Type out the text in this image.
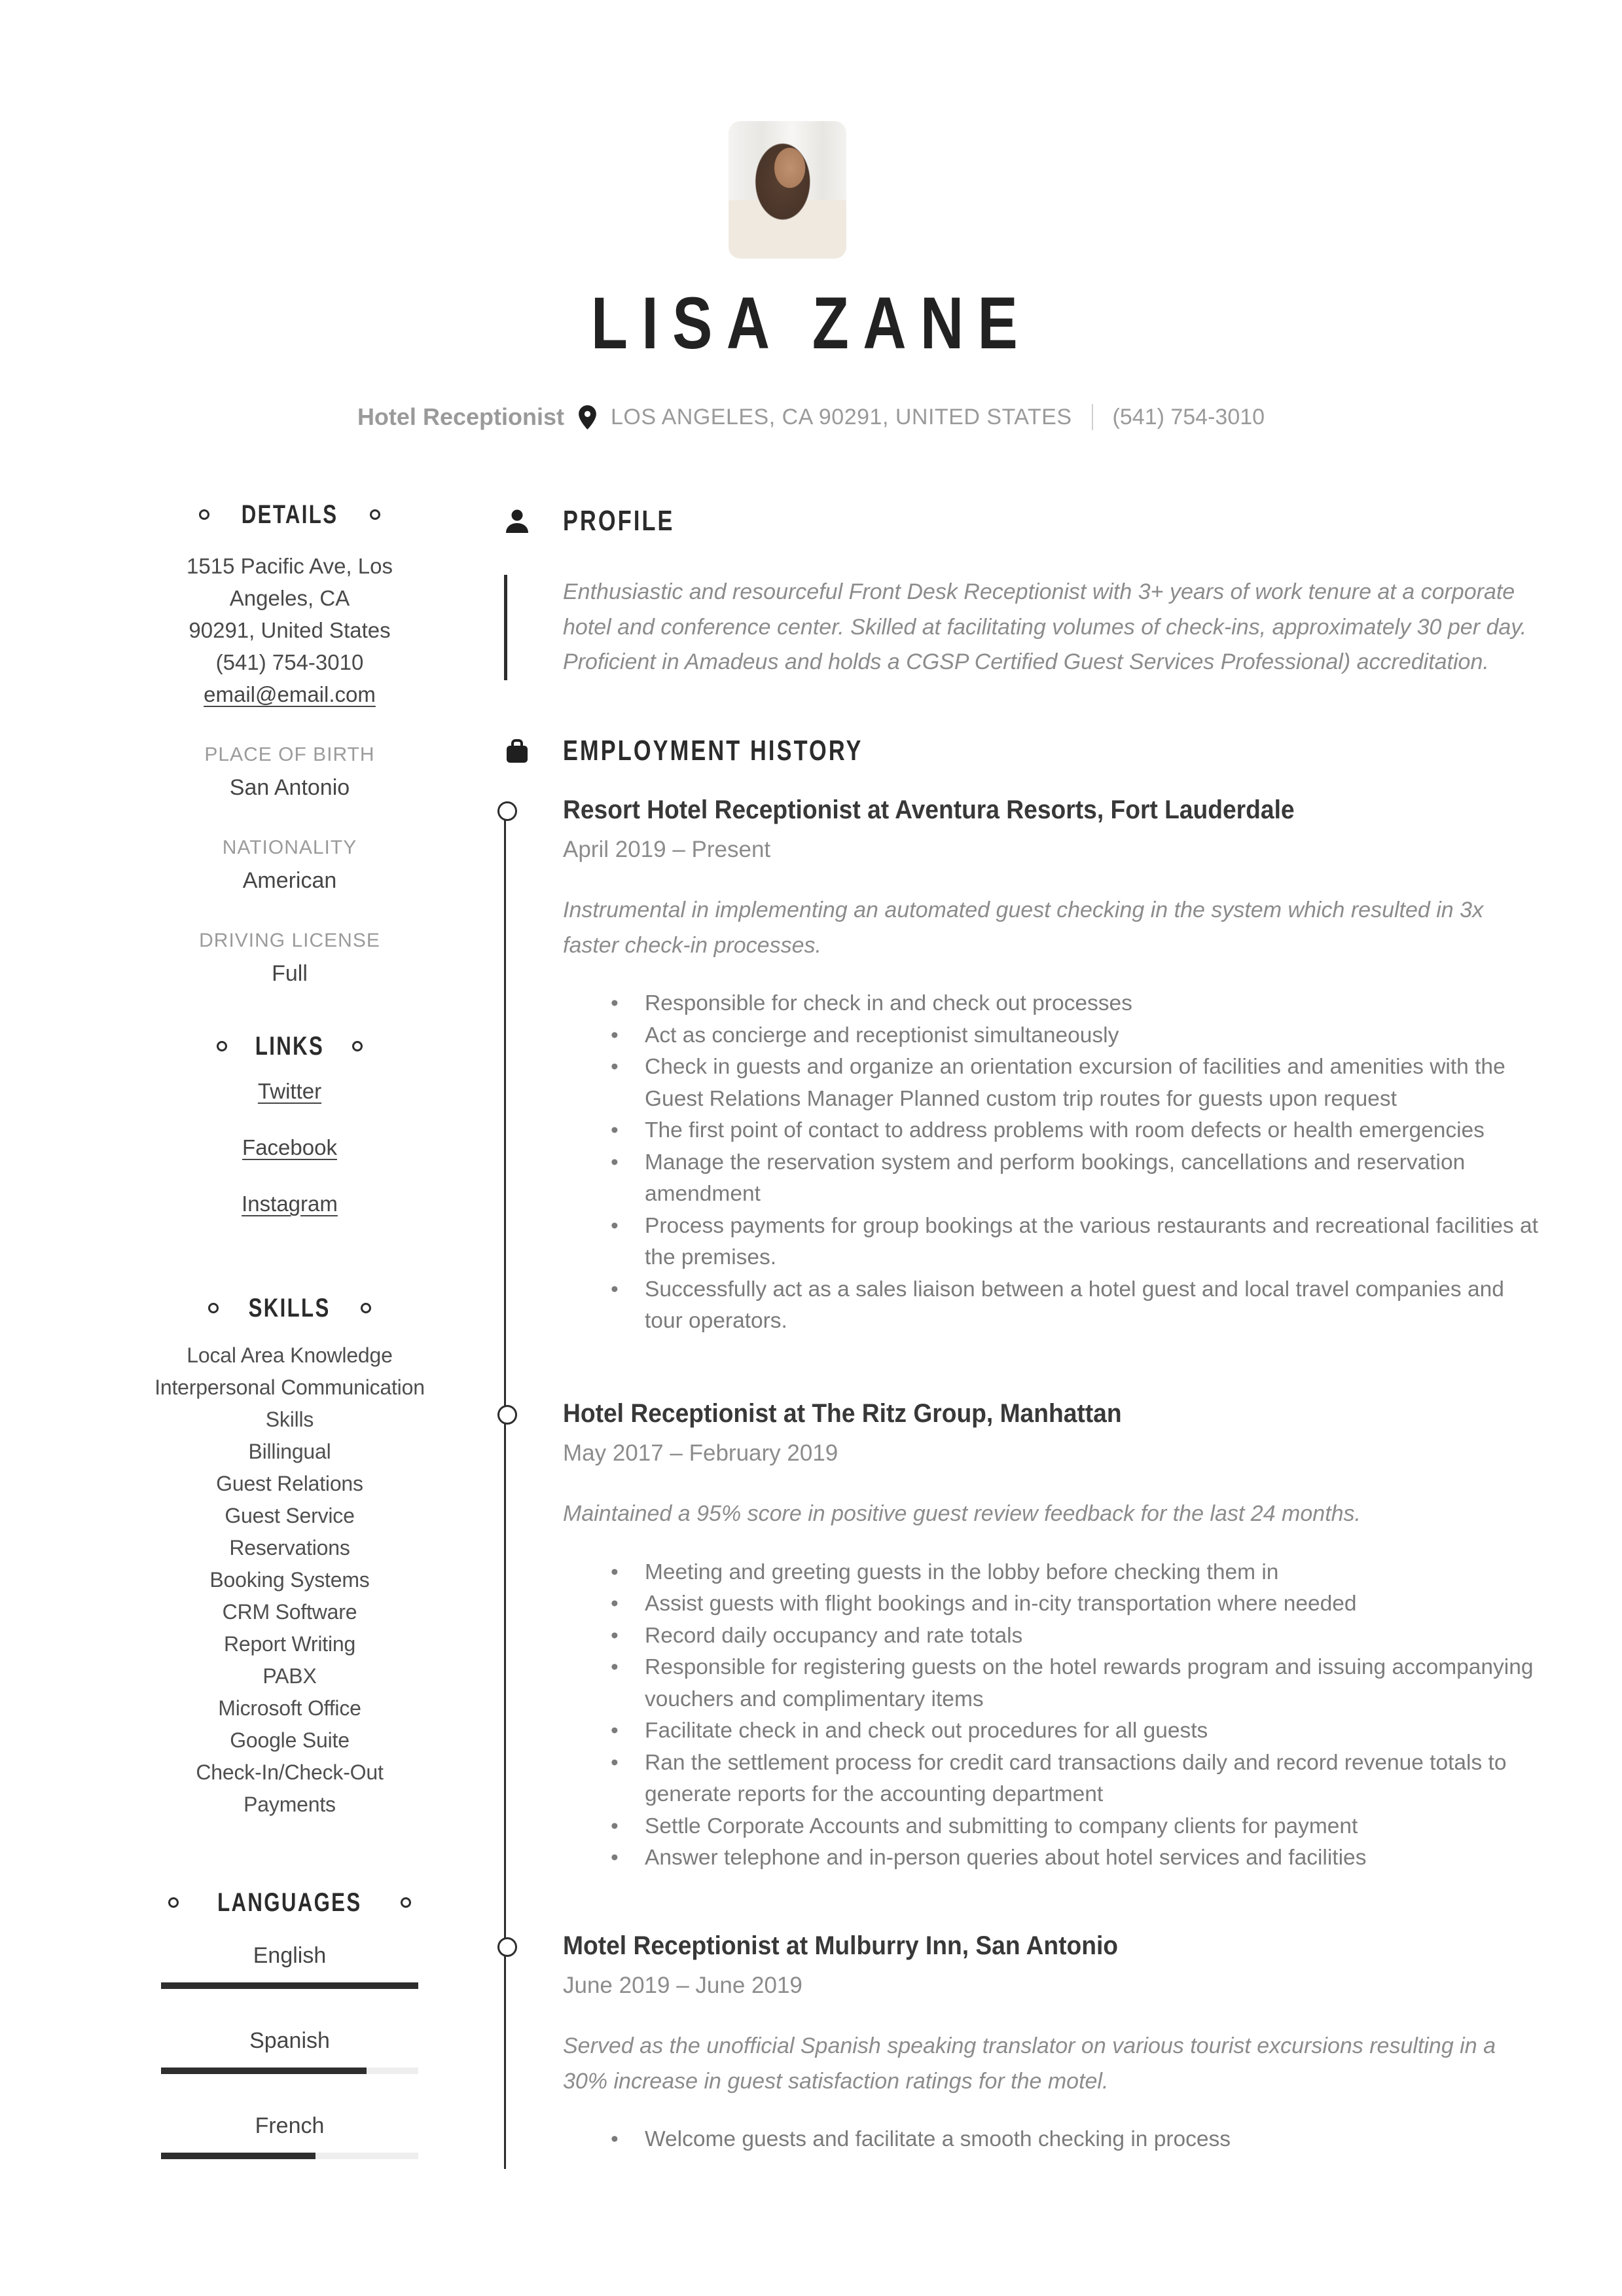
LISA ZANE
Hotel Receptionist LOS ANGELES, CA 90291, UNITED STATES (541) 754-3010
DETAILS
1515 Pacific Ave, Los Angeles, CA
90291, United States
(541) 754-3010
email@email.com
PLACE OF BIRTH
San Antonio
NATIONALITY
American
DRIVING LICENSE
Full
LINKS
Twitter
Facebook
Instagram
SKILLS
Local Area Knowledge
Interpersonal Communication Skills
Billingual
Guest Relations
Guest Service
Reservations
Booking Systems
CRM Software
Report Writing
PABX
Microsoft Office
Google Suite
Check-In/Check-Out
Payments
LANGUAGES
English
Spanish
French
PROFILE

Enthusiastic and resourceful Front Desk Receptionist with 3+ years of work tenure at a corporate hotel and conference center. Skilled at facilitating volumes of check-ins, approximately 30 per day. Proficient in Amadeus and holds a CGSP Certified Guest Services Professional) accreditation.

EMPLOYMENT HISTORY
Resort Hotel Receptionist at Aventura Resorts, Fort Lauderdale
April 2019 – Present

Instrumental in implementing an automated guest checking in the system which resulted in 3x faster check-in processes.

• Responsible for check in and check out processes
• Act as concierge and receptionist simultaneously
• Check in guests and organize an orientation excursion of facilities and amenities with the Guest Relations Manager Planned custom trip routes for guests upon request
• The first point of contact to address problems with room defects or health emergencies
• Manage the reservation system and perform bookings, cancellations and reservation amendment
• Process payments for group bookings at the various restaurants and recreational facilities at the premises.
• Successfully act as a sales liaison between a hotel guest and local travel companies and tour operators.
Hotel Receptionist at The Ritz Group, Manhattan
May 2017 – February 2019

Maintained a 95% score in positive guest review feedback for the last 24 months.

• Meeting and greeting guests in the lobby before checking them in
• Assist guests with flight bookings and in-city transportation where needed
• Record daily occupancy and rate totals
• Responsible for registering guests on the hotel rewards program and issuing accompanying vouchers and complimentary items
• Facilitate check in and check out procedures for all guests
• Ran the settlement process for credit card transactions daily and record revenue totals to generate reports for the accounting department
• Settle Corporate Accounts and submitting to company clients for payment
• Answer telephone and in-person queries about hotel services and facilities
Motel Receptionist at Mulburry Inn, San Antonio
June 2019 – June 2019

Served as the unofficial Spanish speaking translator on various tourist excursions resulting in a 30% increase in guest satisfaction ratings for the motel.

• Welcome guests and facilitate a smooth checking in process
